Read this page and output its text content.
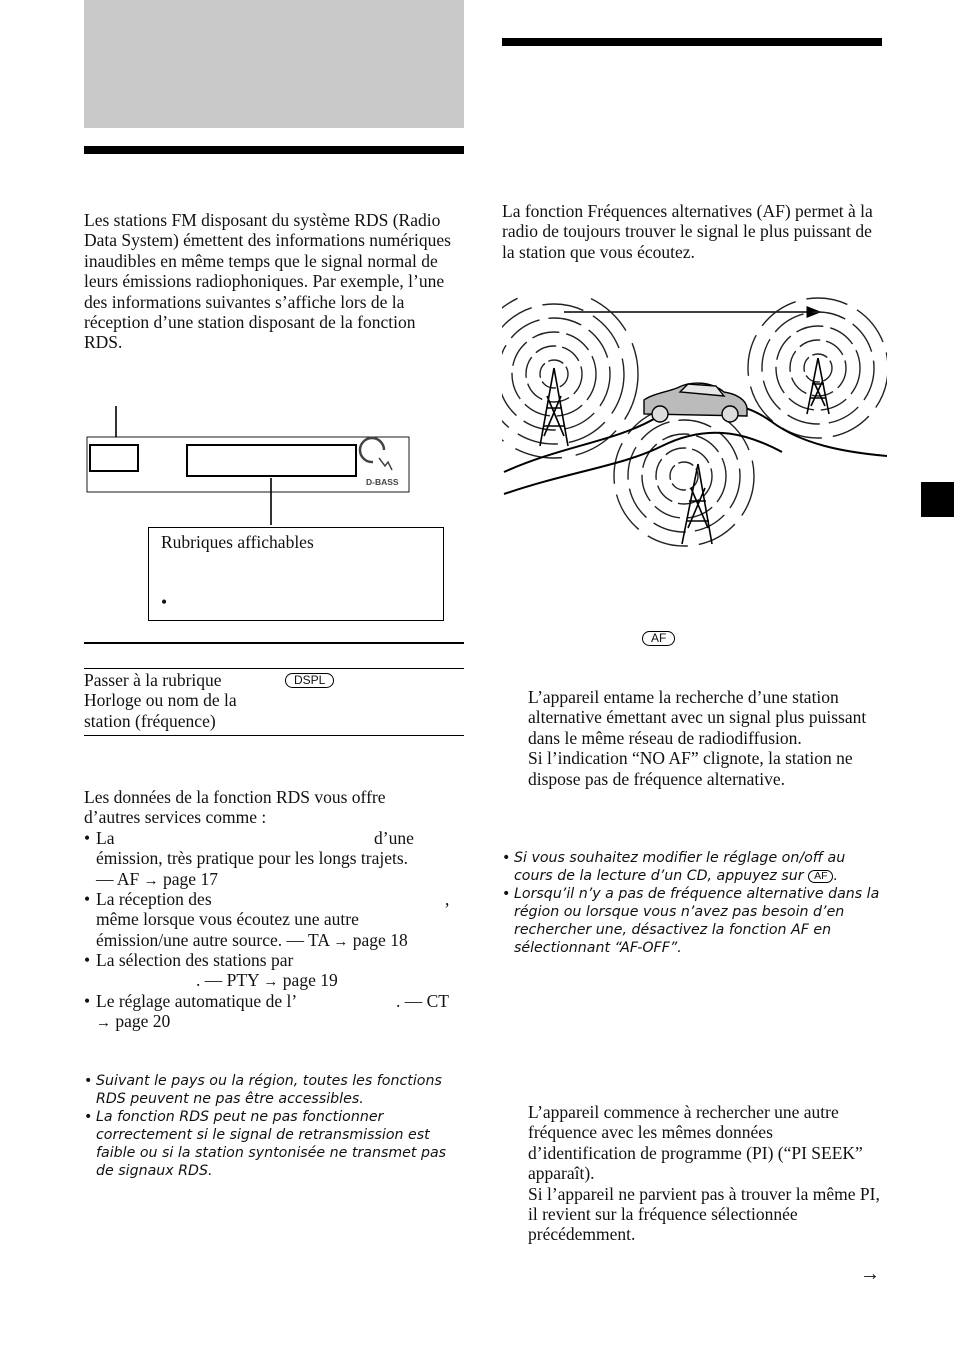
Les stations FM disposant du système RDS (Radio Data System) émettent des informations numériques inaudibles en même temps que le signal normal de leurs émissions radiophoniques. Par exemple, l’une des informations suivantes s’affiche lors de la réception d’une station disposant de la fonction RDS.
D-BASS
Rubriques affichables
•
Passer à la rubrique
Horloge ou nom de la
station (fréquence)
DSPL
Les données de la fonction RDS vous offre d’autres services comme :
• La	d’une
émission, très pratique pour les longs trajets.
— AF → page 17
• La réception des	,
même lorsque vous écoutez une autre
émission/une autre source. — TA → page 18
• La sélection des stations par
. — PTY → page 19
• Le réglage automatique de l’	. — CT
→ page 20
• Suivant le pays ou la région, toutes les fonctions RDS peuvent ne pas être accessibles.
• La fonction RDS peut ne pas fonctionner correctement si le signal de retransmission est faible ou si la station syntonisée ne transmet pas de signaux RDS.
La fonction Fréquences alternatives (AF) permet à la radio de toujours trouver le signal le plus puissant de la station que vous écoutez.
AF
L’appareil entame la recherche d’une station alternative émettant avec un signal plus puissant dans le même réseau de radiodiffusion.
Si l’indication “NO AF” clignote, la station ne dispose pas de fréquence alternative.
• Si vous souhaitez modifier le réglage on/off au cours de la lecture d’un CD, appuyez sur AF .
• Lorsqu’il n’y a pas de fréquence alternative dans la région ou lorsque vous n’avez pas besoin d’en rechercher une, désactivez la fonction AF en sélectionnant “AF-OFF”.
L’appareil commence à rechercher une autre fréquence avec les mêmes données d’identification de programme (PI) (“PI SEEK” apparaît).
Si l’appareil ne parvient pas à trouver la même PI, il revient sur la fréquence sélectionnée précédemment.
→
